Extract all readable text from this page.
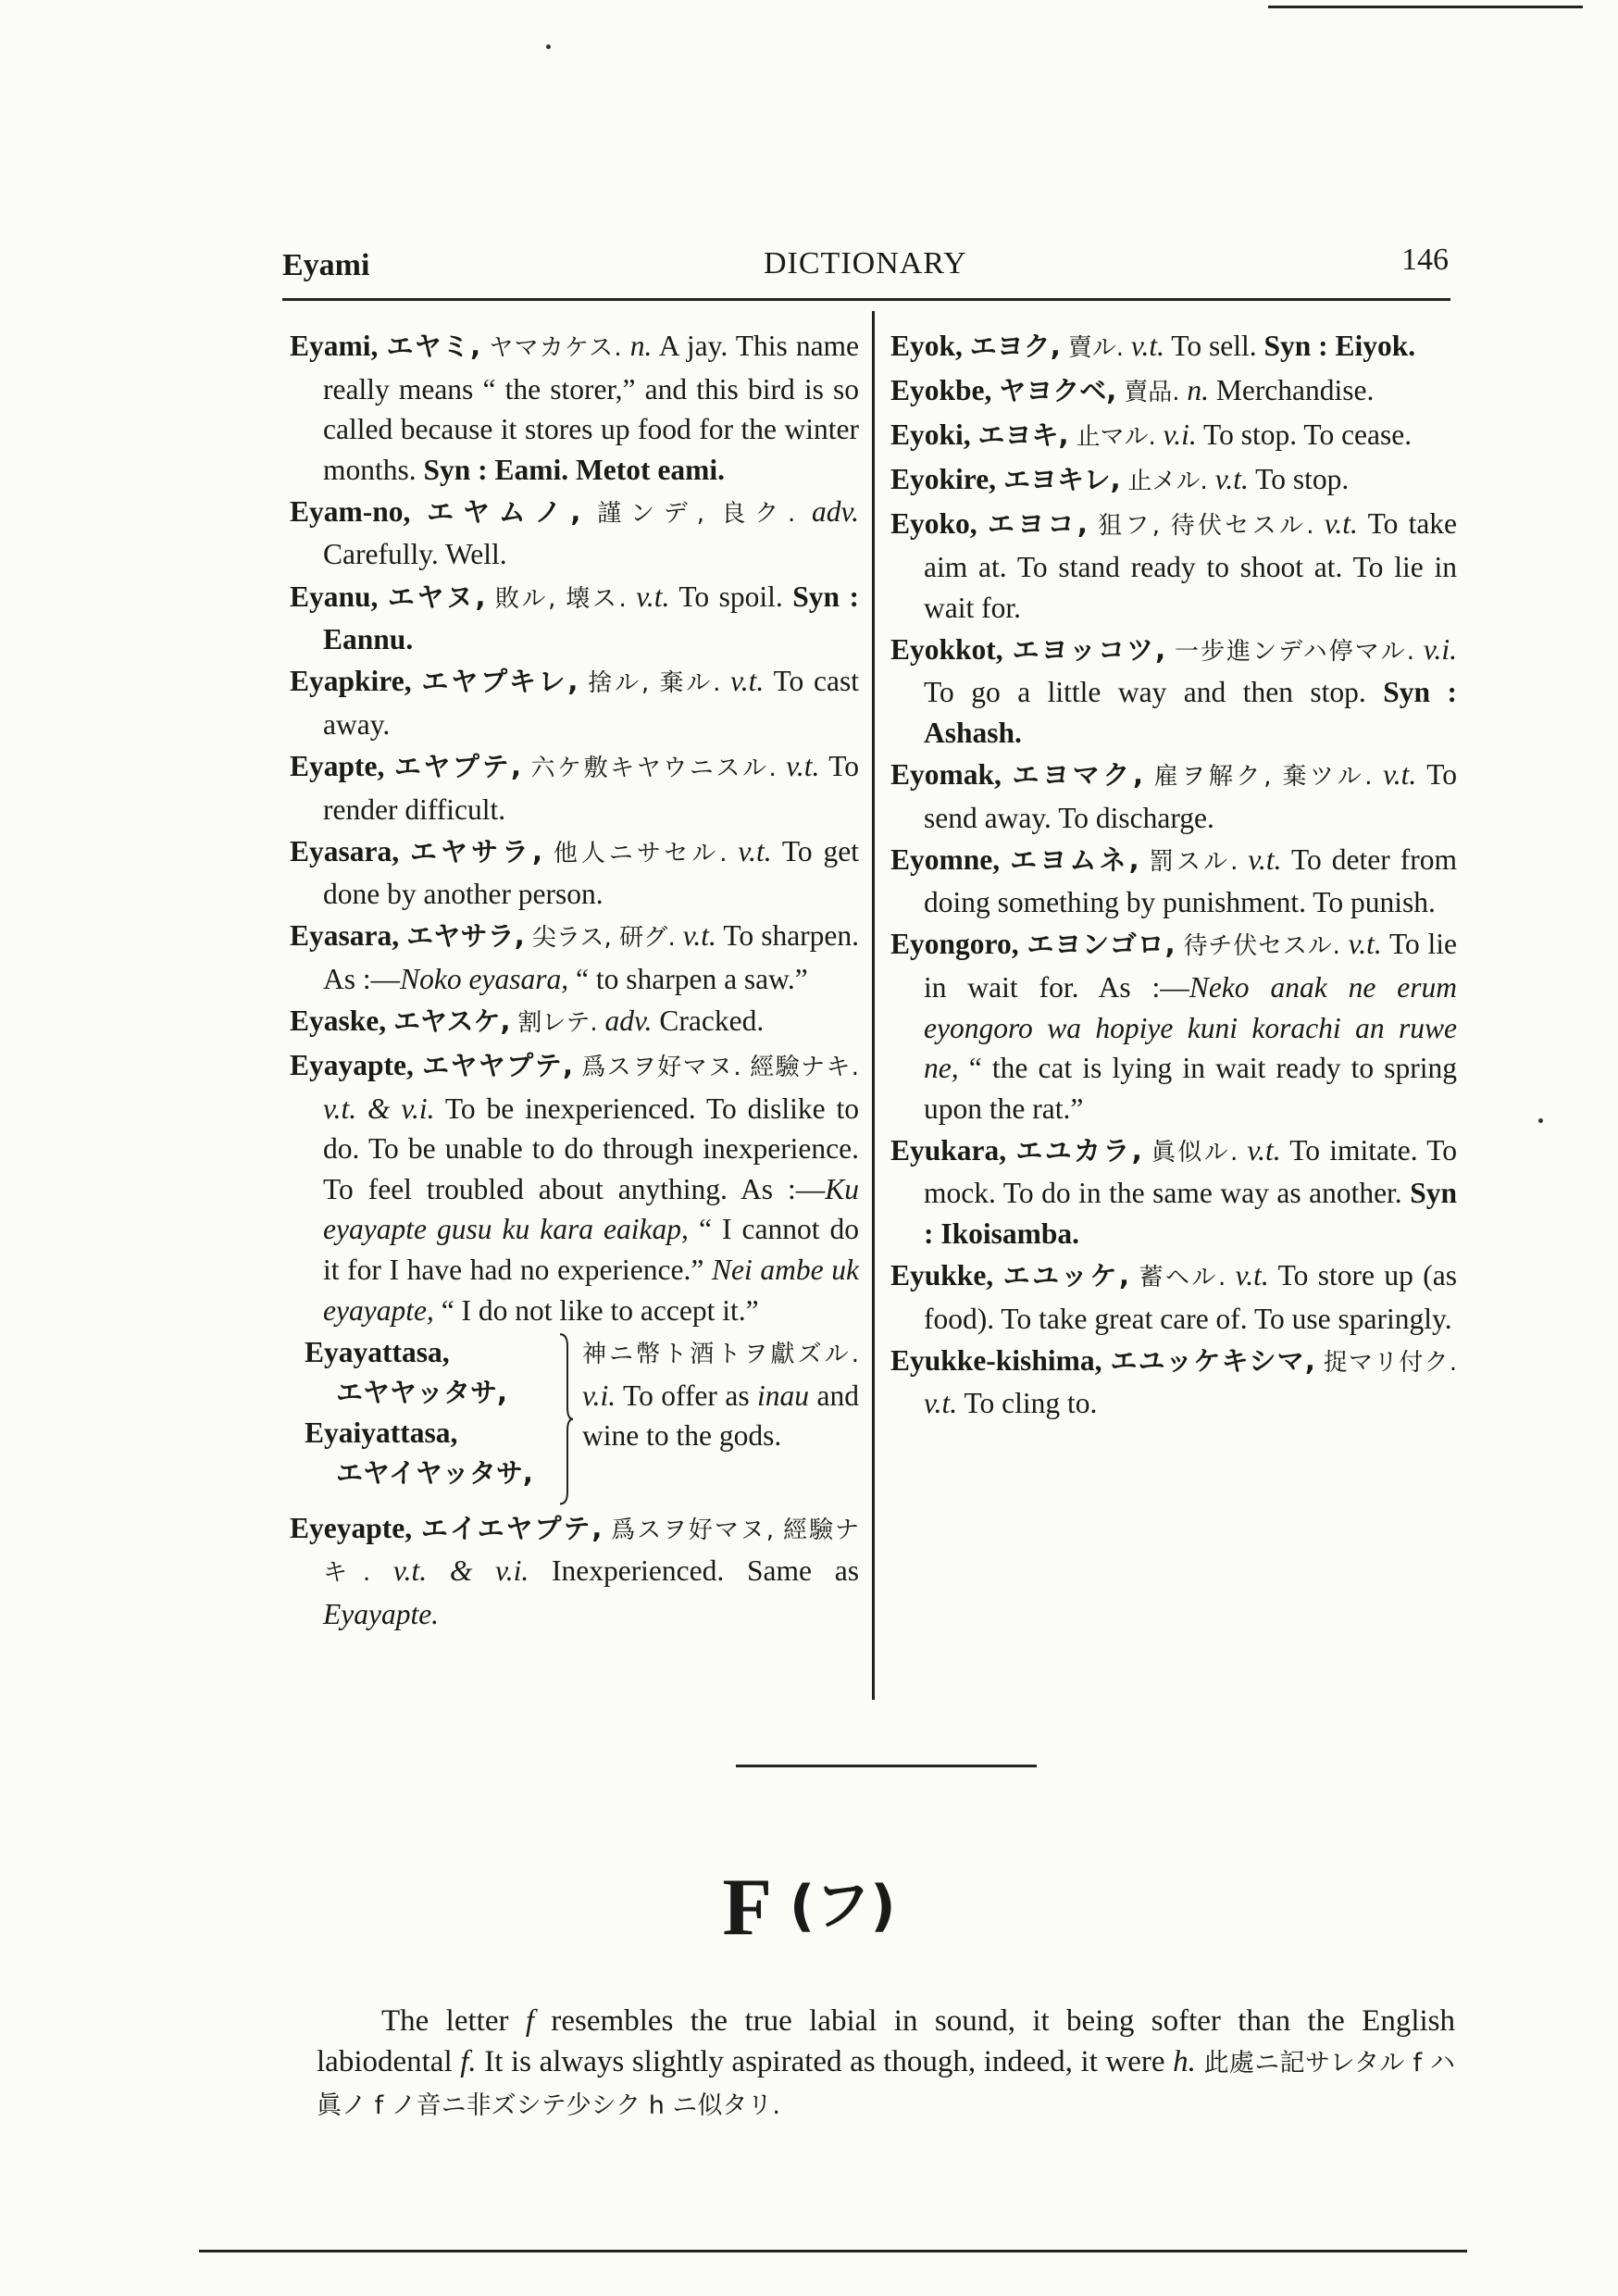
Eyami	DICTIONARY	146

Eyami, エヤミ, ヤマカケス. n. A jay. This name really means “ the storer,” and this bird is so called because it stores up food for the winter months. Syn : Eami. Metot eami.

Eyam-no, エヤムノ, 謹ンデ, 良ク. adv. Carefully. Well.

Eyanu, エヤヌ, 敗ル, 壊ス. v.t. To spoil. Syn : Eannu.

Eyapkire, エヤプキレ, 捨ル, 棄ル. v.t. To cast away.

Eyapte, エヤプテ, 六ケ敷キヤウニスル. v.t. To render difficult.

Eyasara, エヤサラ, 他人ニサセル. v.t. To get done by another person.

Eyasara, エヤサラ, 尖ラス, 研グ. v.t. To sharpen. As :—Noko eyasara, “ to sharpen a saw.”

Eyaske, エヤスケ, 割レテ. adv. Cracked.

Eyayapte, エヤヤプテ, 爲スヲ好マヌ. 經驗ナキ. v.t. & v.i. To be inexperienced. To dislike to do. To be unable to do through inexperience. To feel troubled about anything. As :—Ku eyayapte gusu ku kara eaikap, “ I cannot do it for I have had no experience.” Nei ambe uk eyayapte, “ I do not like to accept it.”

Eyayattasa,
エヤヤッタサ,
Eyaiyattasa,
エヤイヤッタサ,
神ニ幣ト酒トヲ獻ズル. v.i. To offer as inau and wine to the gods.

Eyeyapte, エイエヤプテ, 爲スヲ好マヌ, 經驗ナキ. v.t. & v.i. Inexperienced. Same as Eyayapte.

Eyok, エヨク, 賣ル. v.t. To sell. Syn : Eiyok.

Eyokbe, ヤヨクベ, 賣品. n. Merchandise.

Eyoki, エヨキ, 止マル. v.i. To stop. To cease.

Eyokire, エヨキレ, 止メル. v.t. To stop.

Eyoko, エヨコ, 狙フ, 待伏セスル. v.t. To take aim at. To stand ready to shoot at. To lie in wait for.

Eyokkot, エヨッコツ, 一步進ンデハ停マル. v.i. To go a little way and then stop. Syn : Ashash.

Eyomak, エヨマク, 雇ヲ解ク, 棄ツル. v.t. To send away. To discharge.

Eyomne, エヨムネ, 罰スル. v.t. To deter from doing something by punishment. To punish.

Eyongoro, エヨンゴロ, 待チ伏セスル. v.t. To lie in wait for. As :—Neko anak ne erum eyongoro wa hopiye kuni korachi an ruwe ne, “ the cat is lying in wait ready to spring upon the rat.”

Eyukara, エユカラ, 眞似ル. v.t. To imitate. To mock. To do in the same way as another. Syn : Ikoisamba.

Eyukke, エユッケ, 蓄ヘル. v.t. To store up (as food). To take great care of. To use sparingly.

Eyukke-kishima, エユッケキシマ, 捉マリ付ク. v.t. To cling to.

F (フ)

The letter f resembles the true labial in sound, it being softer than the English labiodental f. It is always slightly aspirated as though, indeed, it were h. 此處ニ記サレタル f ハ眞ノ f ノ音ニ非ズシテ少シク h ニ似タリ.
